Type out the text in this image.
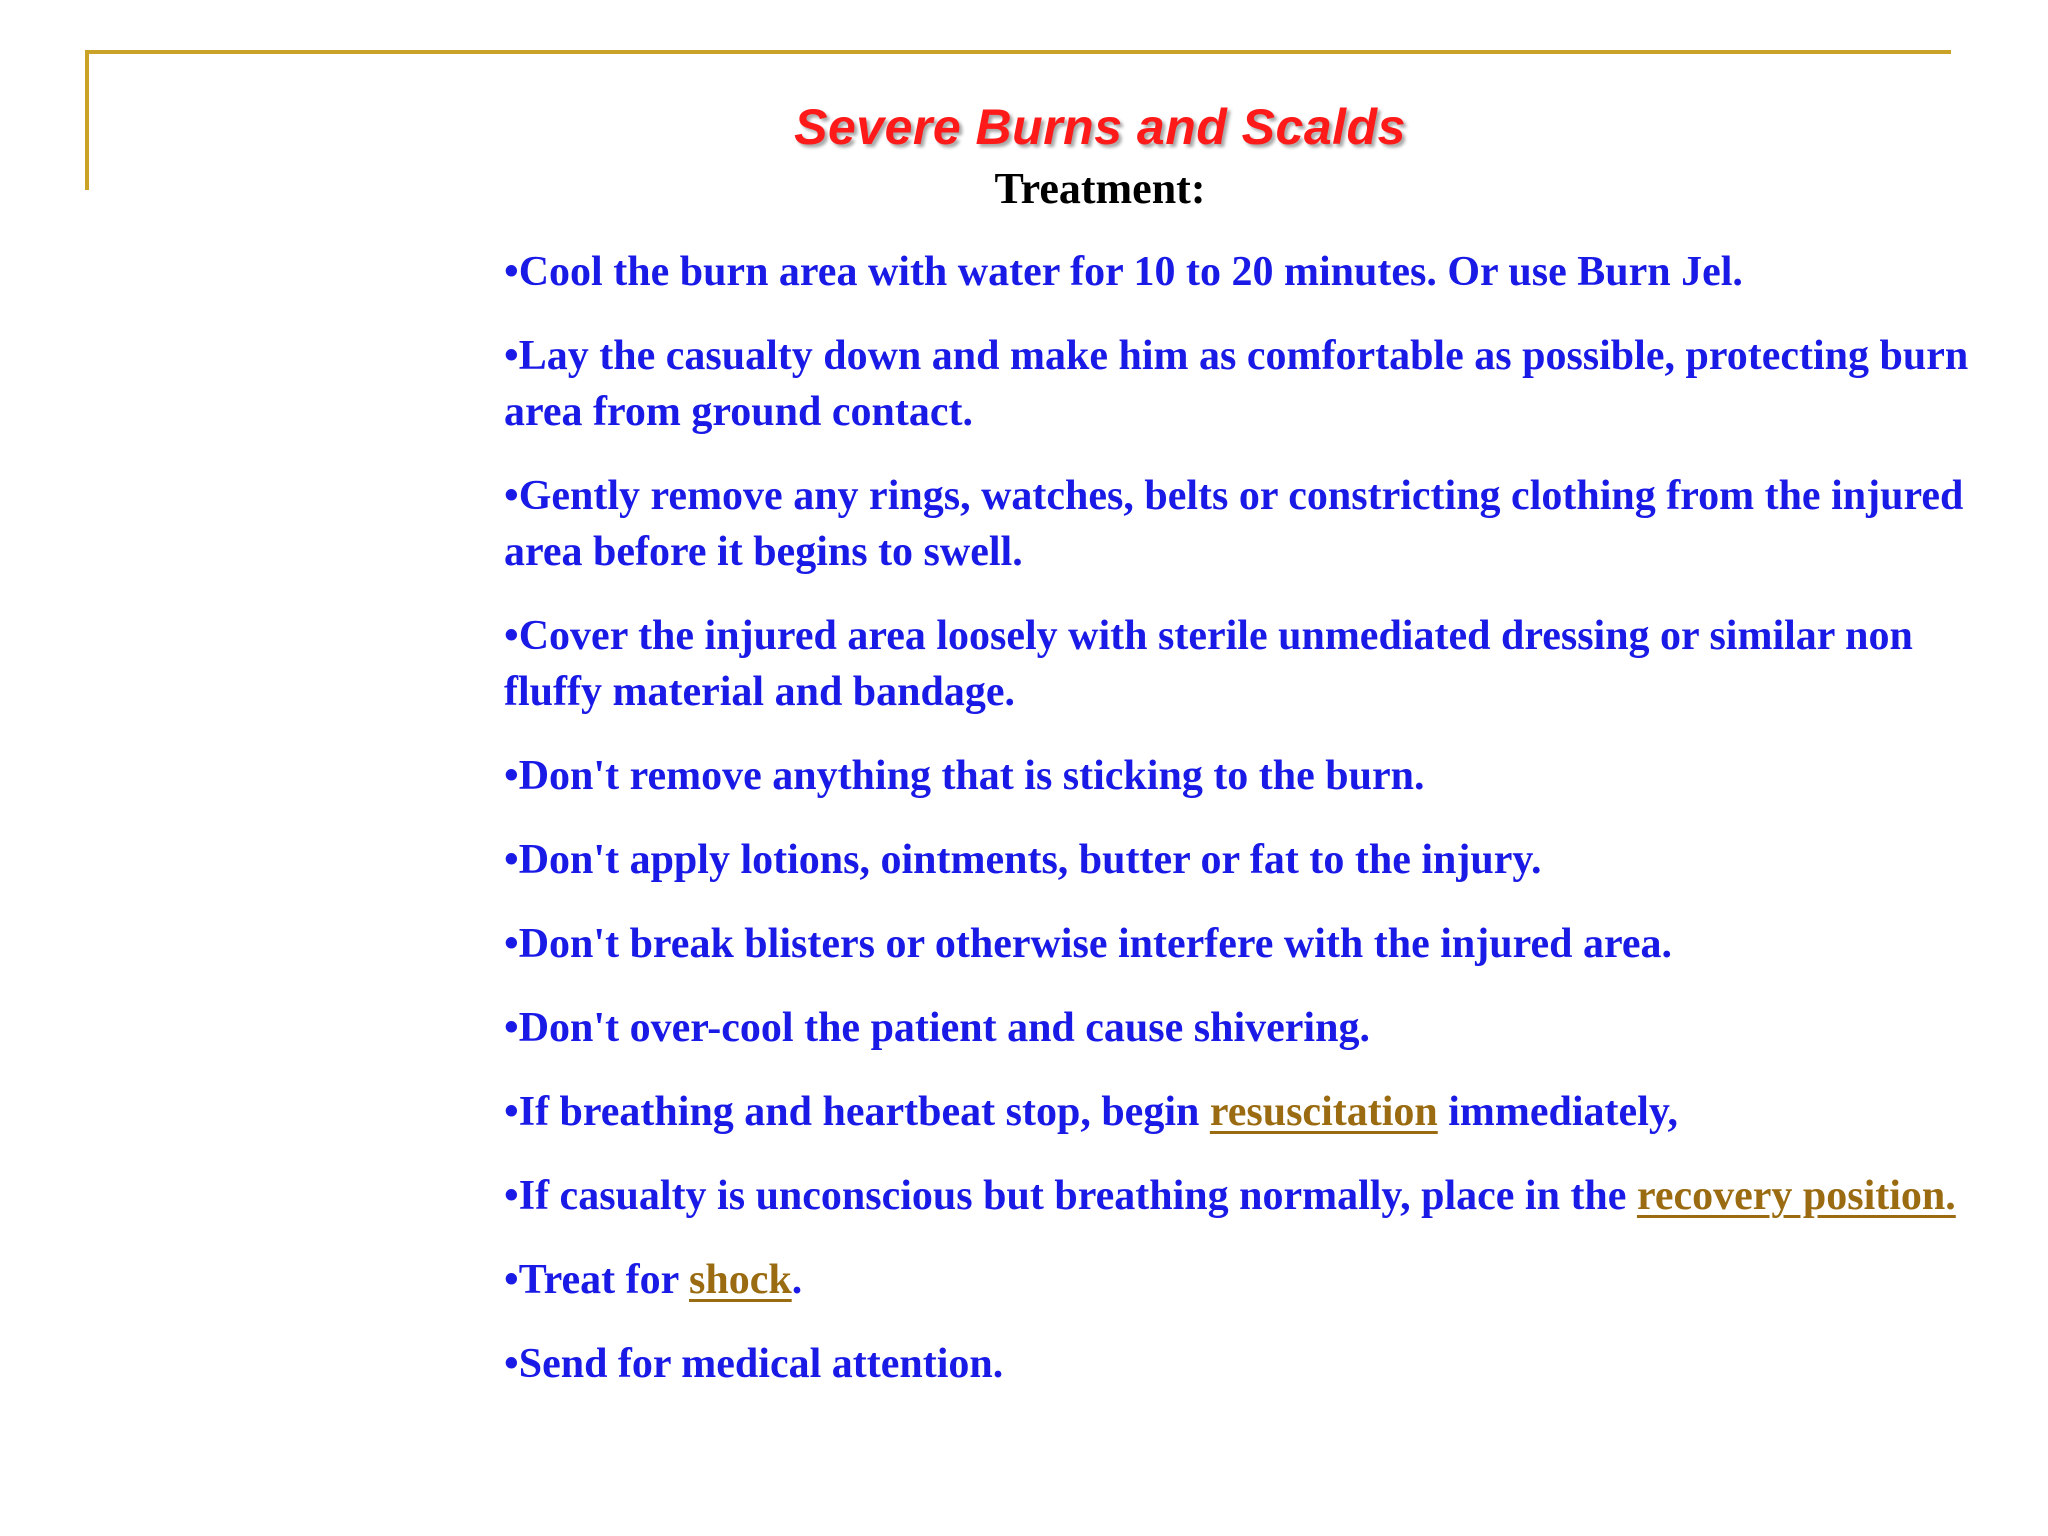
Severe Burns and Scalds
Treatment:
•Cool the burn area with water for 10 to 20 minutes. Or use Burn Jel.
•Lay the casualty down and make him as comfortable as possible, protecting burn area from ground contact.
•Gently remove any rings, watches, belts or constricting clothing from the injured area before it begins to swell.
•Cover the injured area loosely with sterile unmediated dressing or similar non fluffy material and bandage.
•Don't remove anything that is sticking to the burn.
•Don't apply lotions, ointments, butter or fat to the injury.
•Don't break blisters or otherwise interfere with the injured area.
•Don't over-cool the patient and cause shivering.
•If breathing and heartbeat stop, begin resuscitation immediately,
•If casualty is unconscious but breathing normally, place in the recovery position.
•Treat for shock.
•Send for medical attention.
